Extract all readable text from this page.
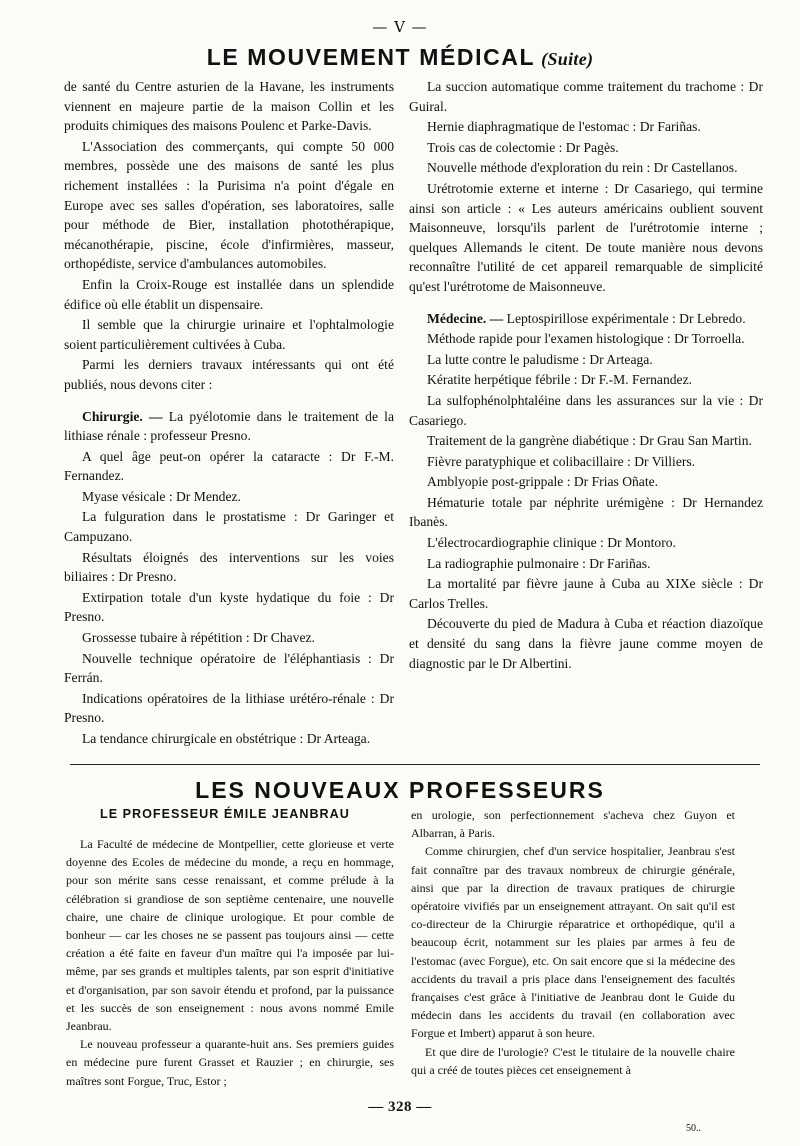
— V —
LE MOUVEMENT MÉDICAL (Suite)

de santé du Centre asturien de la Havane, les instruments viennent en majeure partie de la maison Collin et les produits chimiques des maisons Poulenc et Parke-Davis.

L'Association des commerçants, qui compte 50 000 membres, possède une des maisons de santé les plus richement installées : la Purisima n'a point d'égale en Europe avec ses salles d'opération, ses laboratoires, salle pour méthode de Bier, installation photothérapique, mécanothérapie, piscine, école d'infirmières, masseur, orthopédiste, service d'ambulances automobiles.

Enfin la Croix-Rouge est installée dans un splendide édifice où elle établit un dispensaire.

Il semble que la chirurgie urinaire et l'ophtalmologie soient particulièrement cultivées à Cuba.

Parmi les derniers travaux intéressants qui ont été publiés, nous devons citer :

Chirurgie. — La pyélotomie dans le traitement de la lithiase rénale : professeur Presno.

A quel âge peut-on opérer la cataracte : Dr F.-M. Fernandez.

Myase vésicale : Dr Mendez.

La fulguration dans le prostatisme : Dr Garinger et Campuzano.

Résultats éloignés des interventions sur les voies biliaires : Dr Presno.

Extirpation totale d'un kyste hydatique du foie : Dr Presno.

Grossesse tubaire à répétition : Dr Chavez.

Nouvelle technique opératoire de l'éléphantiasis : Dr Ferrán.

Indications opératoires de la lithiase urétéro-rénale : Dr Presno.

La tendance chirurgicale en obstétrique : Dr Arteaga.

La succion automatique comme traitement du trachome : Dr Guiral.

Hernie diaphragmatique de l'estomac : Dr Fariñas.

Trois cas de colectomie : Dr Pagès.

Nouvelle méthode d'exploration du rein : Dr Castellanos.

Urétrotomie externe et interne : Dr Casariego, qui termine ainsi son article : « Les auteurs américains oublient souvent Maisonneuve, lorsqu'ils parlent de l'urétrotomie interne ; quelques Allemands le citent. De toute manière nous devons reconnaître l'utilité de cet appareil remarquable de simplicité qu'est l'urétrotome de Maisonneuve.

Médecine. — Leptospirillose expérimentale : Dr Lebredo.

Méthode rapide pour l'examen histologique : Dr Torroella.

La lutte contre le paludisme : Dr Arteaga.

Kératite herpétique fébrile : Dr F.-M. Fernandez.

La sulfophénolphtaléine dans les assurances sur la vie : Dr Casariego.

Traitement de la gangrène diabétique : Dr Grau San Martin.

Fièvre paratyphique et colibacillaire : Dr Villiers.

Amblyopie post-grippale : Dr Frias Oñate.

Hématurie totale par néphrite urémigène : Dr Hernandez Ibanès.

L'électrocardiographie clinique : Dr Montoro.

La radiographie pulmonaire : Dr Fariñas.

La mortalité par fièvre jaune à Cuba au XIXe siècle : Dr Carlos Trelles.

Découverte du pied de Madura à Cuba et réaction diazoïque et densité du sang dans la fièvre jaune comme moyen de diagnostic par le Dr Albertini.

LES NOUVEAUX PROFESSEURS
LE PROFESSEUR ÉMILE JEANBRAU

La Faculté de médecine de Montpellier, cette glorieuse et verte doyenne des Ecoles de médecine du monde, a reçu en hommage, pour son mérite sans cesse renaissant, et comme prélude à la célébration si grandiose de son septième centenaire, une nouvelle chaire, une chaire de clinique urologique. Et pour comble de bonheur — car les choses ne se passent pas toujours ainsi — cette création a été faite en faveur d'un maître qui l'a imposée par lui-même, par ses grands et multiples talents, par son esprit d'initiative et d'organisation, par son savoir étendu et profond, par la puissance et les succès de son enseignement : nous avons nommé Emile Jeanbrau.

Le nouveau professeur a quarante-huit ans. Ses premiers guides en médecine pure furent Grasset et Rauzier ; en chirurgie, ses maîtres sont Forgue, Truc, Estor ;

en urologie, son perfectionnement s'acheva chez Guyon et Albarran, à Paris.

Comme chirurgien, chef d'un service hospitalier, Jeanbrau s'est fait connaître par des travaux nombreux de chirurgie générale, ainsi que par la direction de travaux pratiques de chirurgie opératoire vivifiés par un enseignement attrayant. On sait qu'il est co-directeur de la Chirurgie réparatrice et orthopédique, qu'il a beaucoup écrit, notamment sur les plaies par armes à feu de l'estomac (avec Forgue), etc. On sait encore que si la médecine des accidents du travail a pris place dans l'enseignement des facultés françaises c'est grâce à l'initiative de Jeanbrau dont le Guide du médecin dans les accidents du travail (en collaboration avec Forgue et Imbert) apparut à son heure.

Et que dire de l'urologie? C'est le titulaire de la nouvelle chaire qui a créé de toutes pièces cet enseignement à

— 328 —
50..
